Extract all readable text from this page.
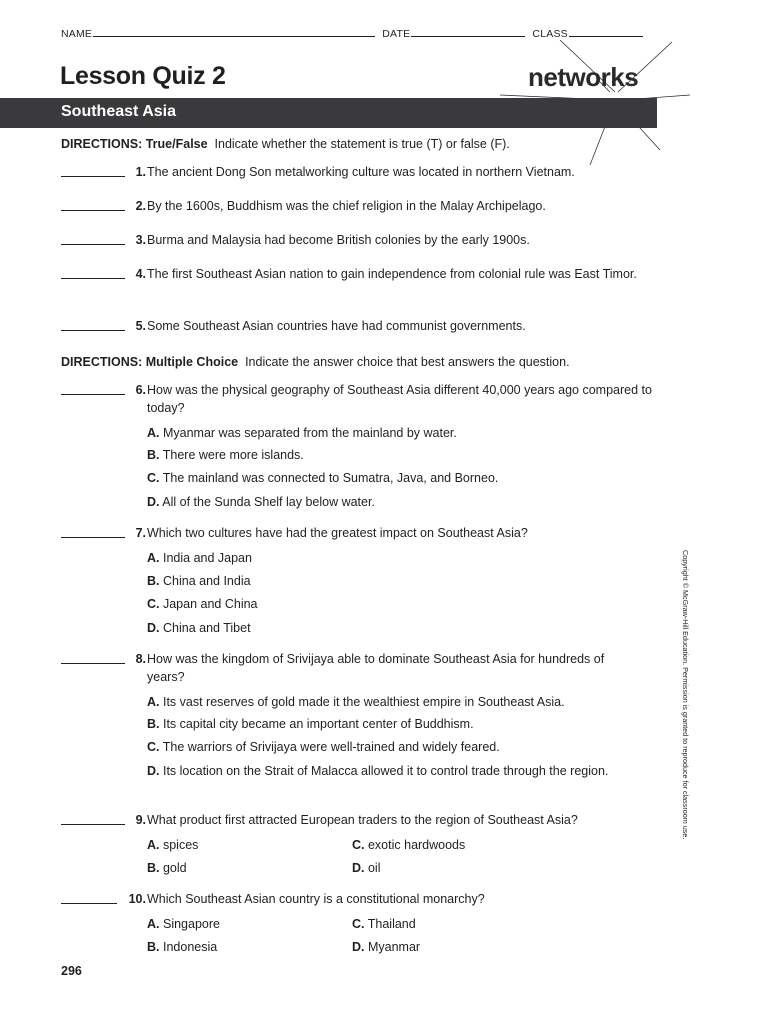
NAME	DATE	CLASS
Lesson Quiz 2	networks
Southeast Asia
DIRECTIONS: True/False Indicate whether the statement is true (T) or false (F).
1. The ancient Dong Son metalworking culture was located in northern Vietnam.
2. By the 1600s, Buddhism was the chief religion in the Malay Archipelago.
3. Burma and Malaysia had become British colonies by the early 1900s.
4. The first Southeast Asian nation to gain independence from colonial rule was East Timor.
5. Some Southeast Asian countries have had communist governments.
DIRECTIONS: Multiple Choice Indicate the answer choice that best answers the question.
6. How was the physical geography of Southeast Asia different 40,000 years ago compared to today?
A. Myanmar was separated from the mainland by water.
B. There were more islands.
C. The mainland was connected to Sumatra, Java, and Borneo.
D. All of the Sunda Shelf lay below water.
7. Which two cultures have had the greatest impact on Southeast Asia?
A. India and Japan
B. China and India
C. Japan and China
D. China and Tibet
8. How was the kingdom of Srivijaya able to dominate Southeast Asia for hundreds of years?
A. Its vast reserves of gold made it the wealthiest empire in Southeast Asia.
B. Its capital city became an important center of Buddhism.
C. The warriors of Srivijaya were well-trained and widely feared.
D. Its location on the Strait of Malacca allowed it to control trade through the region.
9. What product first attracted European traders to the region of Southeast Asia?
A. spices
B. gold
C. exotic hardwoods
D. oil
10. Which Southeast Asian country is a constitutional monarchy?
A. Singapore
B. Indonesia
C. Thailand
D. Myanmar
296
Copyright © McGraw-Hill Education. Permission is granted to reproduce for classroom use.
